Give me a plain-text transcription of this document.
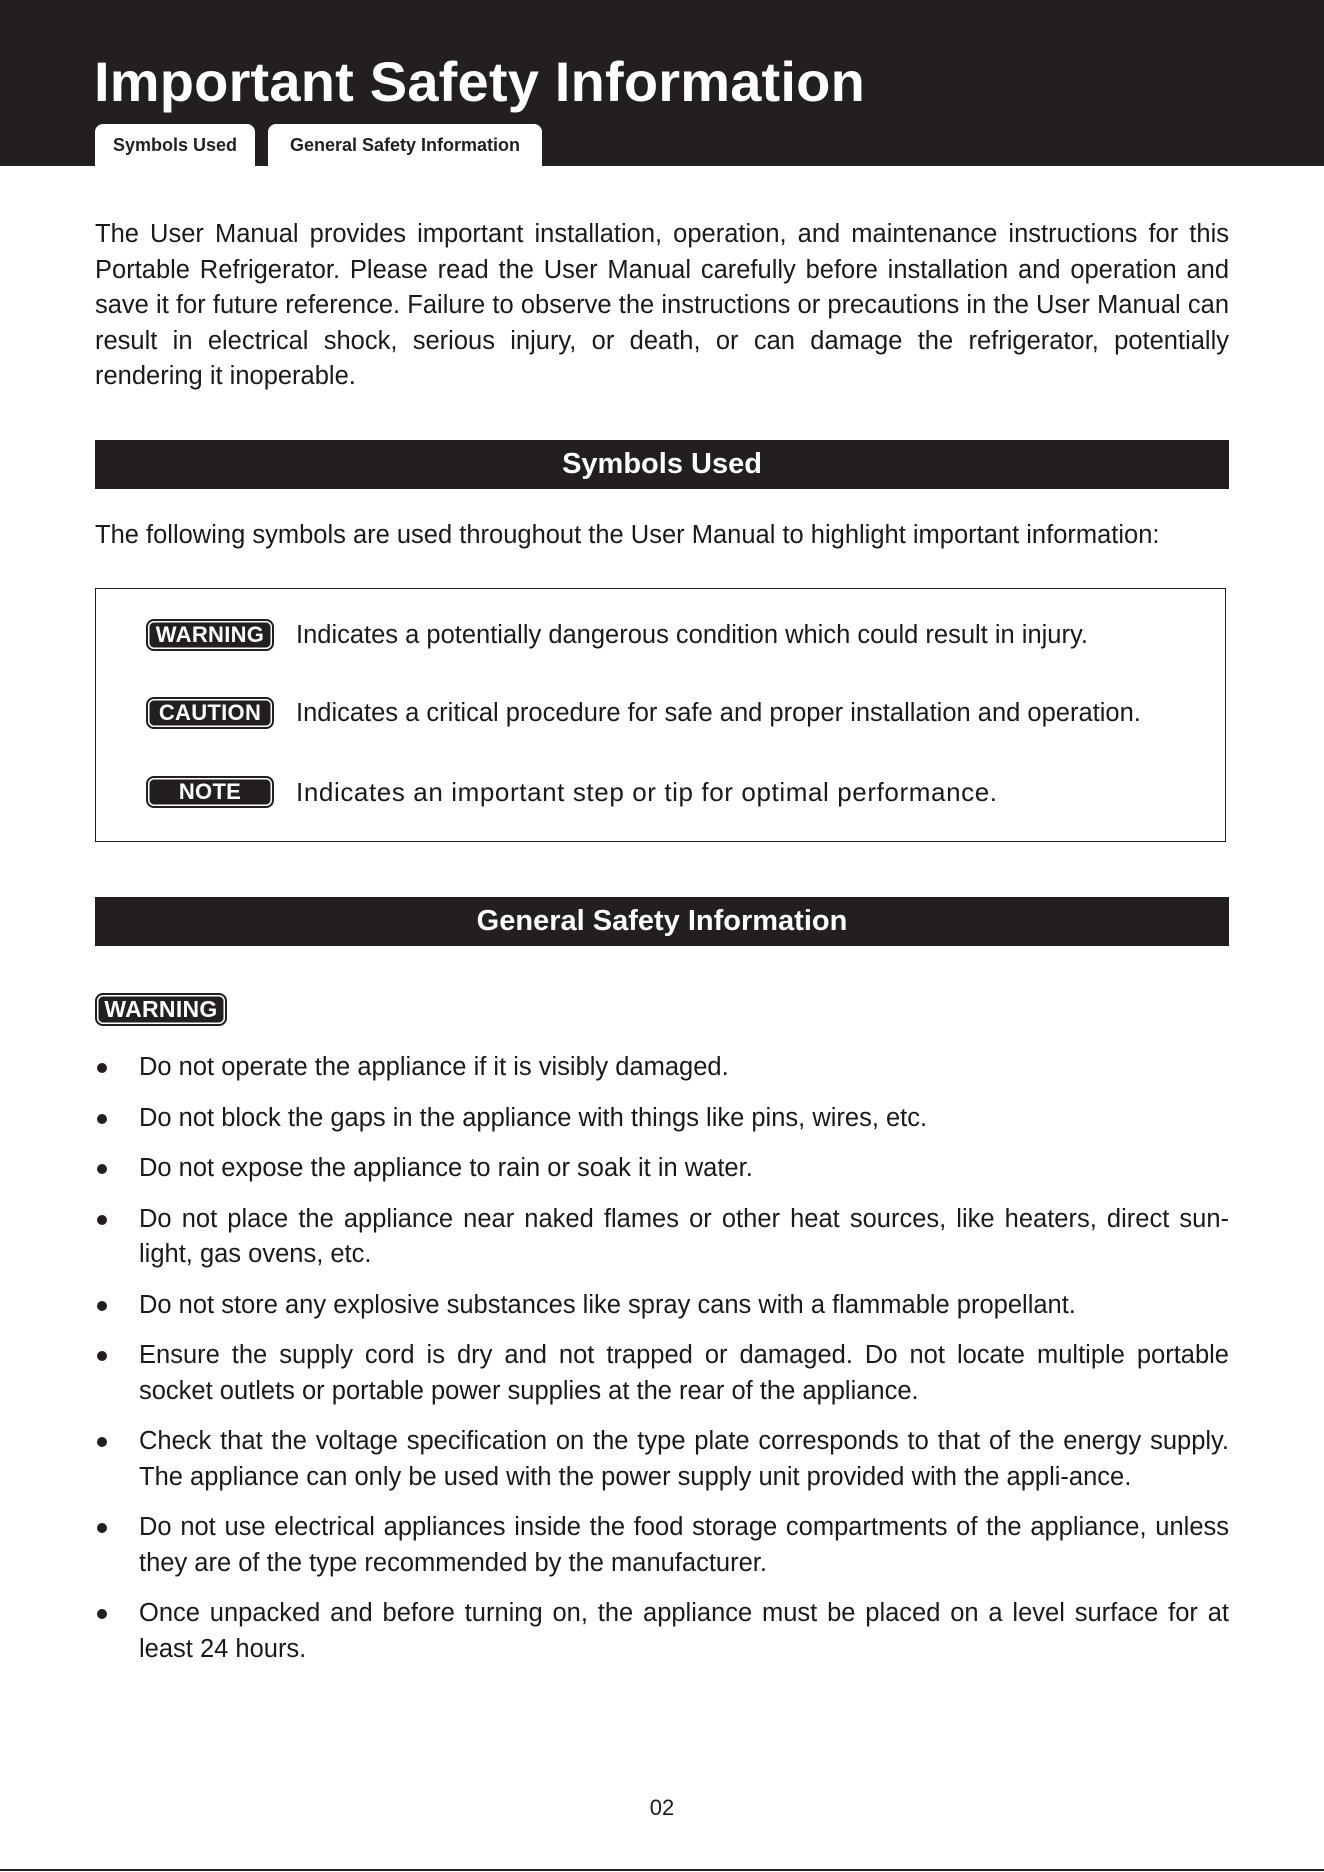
Important Safety Information
Symbols Used	General Safety Information

The User Manual provides important installation, operation, and maintenance instructions for this Portable Refrigerator. Please read the User Manual carefully before installation and operation and save it for future reference. Failure to observe the instructions or precautions in the User Manual can result in electrical shock, serious injury, or death, or can damage the refrigerator, potentially rendering it inoperable.

Symbols Used

The following symbols are used throughout the User Manual to highlight important information:

WARNING	Indicates a potentially dangerous condition which could result in injury.
CAUTION	Indicates a critical procedure for safe and proper installation and operation.
NOTE	Indicates an important step or tip for optimal performance.
General Safety Information
WARNING
Do not operate the appliance if it is visibly damaged.
Do not block the gaps in the appliance with things like pins, wires, etc.
Do not expose the appliance to rain or soak it in water.
Do not place the appliance near naked flames or other heat sources, like heaters, direct sun-light, gas ovens, etc.
Do not store any explosive substances like spray cans with a flammable propellant.
Ensure the supply cord is dry and not trapped or damaged. Do not locate multiple portable socket outlets or portable power supplies at the rear of the appliance.
Check that the voltage specification on the type plate corresponds to that of the energy supply. The appliance can only be used with the power supply unit provided with the appli-ance.
Do not use electrical appliances inside the food storage compartments of the appliance, unless they are of the type recommended by the manufacturer.
Once unpacked and before turning on, the appliance must be placed on a level surface for at least 24 hours.
02
